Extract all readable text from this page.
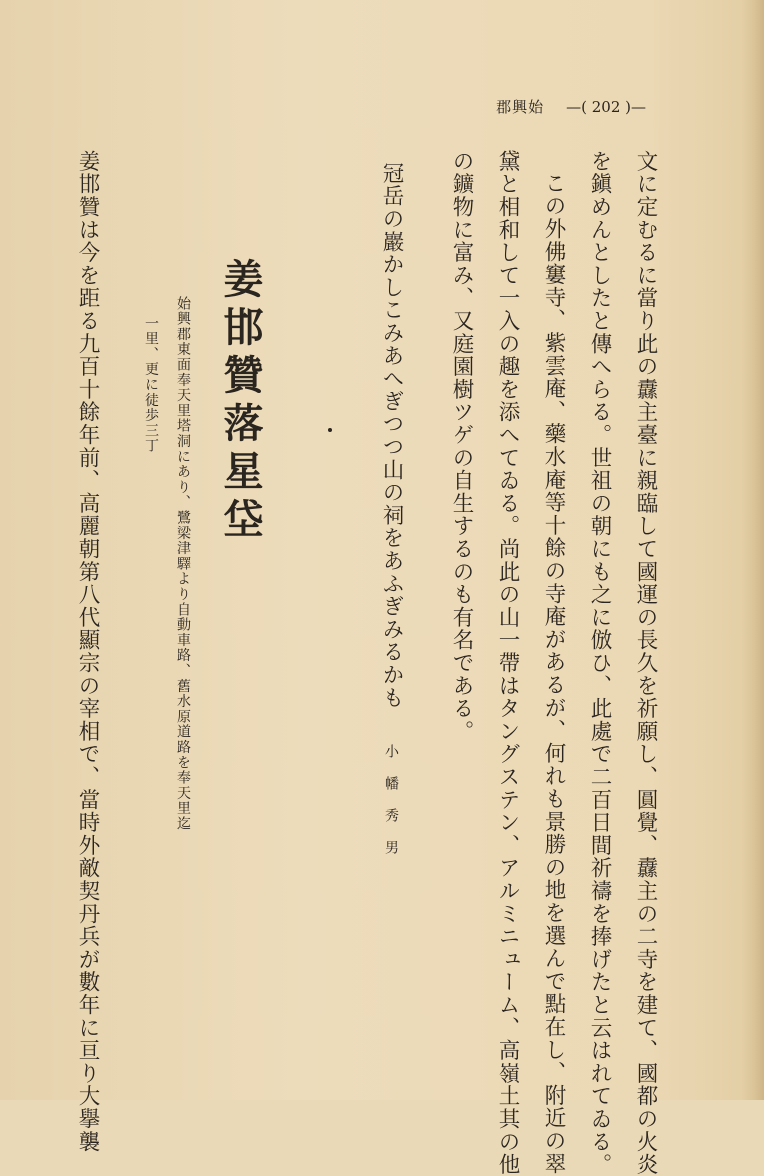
郡興始 —( 202 )—
文に定むるに當り此の纛主臺に親臨して國運の長久を祈願し、圓覺、纛主の二寺を建て、國都の火炎
を鎭めんとしたと傳へらる。世祖の朝にも之に倣ひ、此處で二百日間祈禱を捧げたと云はれてゐる。
この外佛窶寺、紫雲庵、藥水庵等十餘の寺庵があるが、何れも景勝の地を選んで點在し、附近の翠
黛と相和して一入の趣を添へてゐる。尚此の山一帶はタングステン、アルミニューム、高嶺土其の他
の鑛物に富み、又庭園樹ツゲの自生するのも有名である。
冠岳の巖かしこみあへぎつつ山の祠をあふぎみるかも
小幡秀男
姜邯贊落星垈
始興郡東面奉天里塔洞にあり、鷺梁津驛より自動車路、舊水原道路を奉天里迄
一里、更に徒歩三丁
姜邯贊は今を距る九百十餘年前、高麗朝第八代顯宗の宰相で、當時外敵契丹兵が數年に亘り大擧襲
